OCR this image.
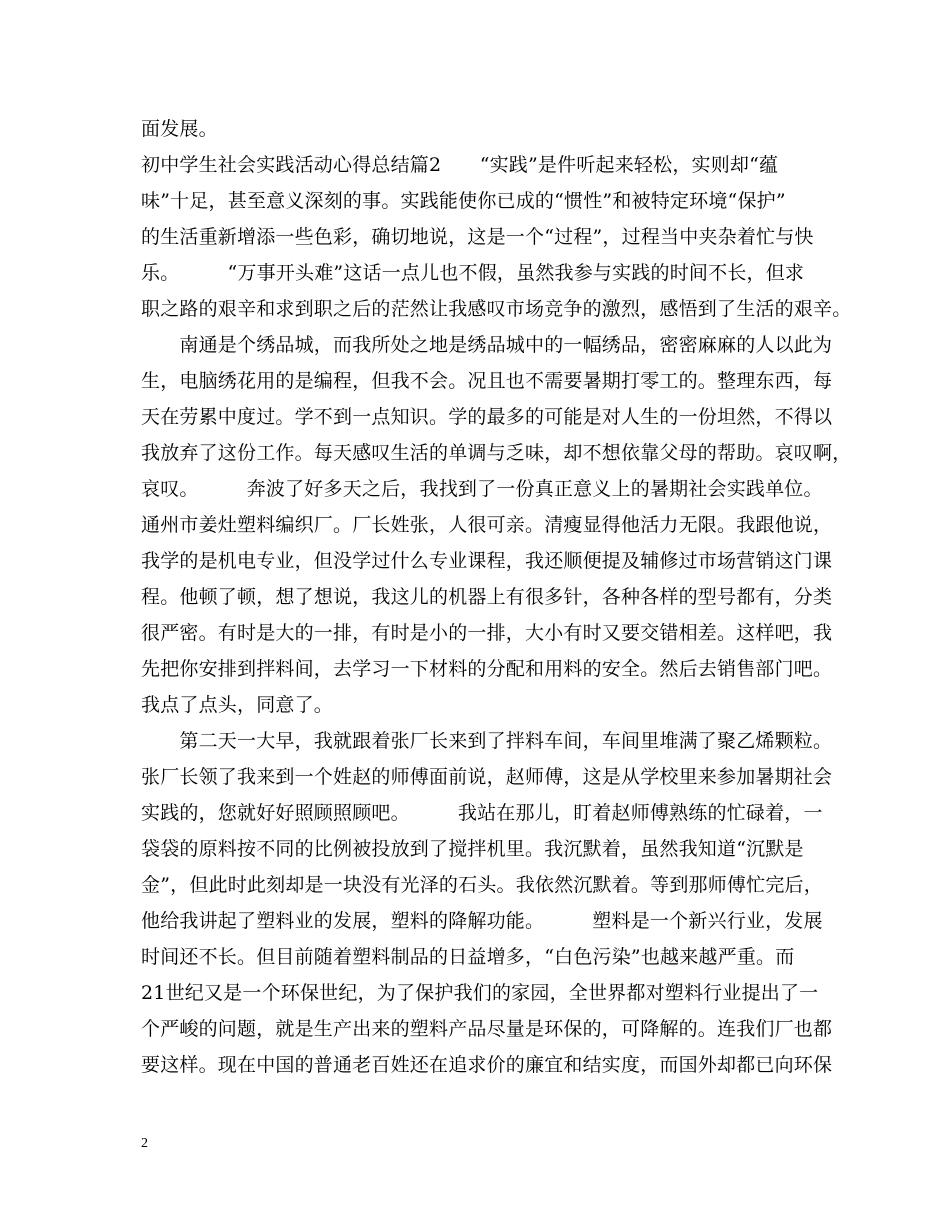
面发展。
初中学生社会实践活动心得总结篇2　　“实践”是件听起来轻松，实则却“蕴
味”十足，甚至意义深刻的事。实践能使你已成的“惯性”和被特定环境“保护”
的生活重新增添一些色彩，确切地说，这是一个“过程”，过程当中夹杂着忙与快
乐。　　　“万事开头难”这话一点儿也不假，虽然我参与实践的时间不长，但求
职之路的艰辛和求到职之后的茫然让我感叹市场竞争的激烈，感悟到了生活的艰辛。
　　南通是个绣品城，而我所处之地是绣品城中的一幅绣品，密密麻麻的人以此为
生，电脑绣花用的是编程，但我不会。况且也不需要暑期打零工的。整理东西，每
天在劳累中度过。学不到一点知识。学的最多的可能是对人生的一份坦然，不得以
我放弃了这份工作。每天感叹生活的单调与乏味，却不想依靠父母的帮助。哀叹啊，
哀叹。　　　奔波了好多天之后，我找到了一份真正意义上的暑期社会实践单位。
通州市姜灶塑料编织厂。厂长姓张，人很可亲。清瘦显得他活力无限。我跟他说，
我学的是机电专业，但没学过什么专业课程，我还顺便提及辅修过市场营销这门课
程。他顿了顿，想了想说，我这儿的机器上有很多针，各种各样的型号都有，分类
很严密。有时是大的一排，有时是小的一排，大小有时又要交错相差。这样吧，我
先把你安排到拌料间，去学习一下材料的分配和用料的安全。然后去销售部门吧。
我点了点头，同意了。
　　第二天一大早，我就跟着张厂长来到了拌料车间，车间里堆满了聚乙烯颗粒。
张厂长领了我来到一个姓赵的师傅面前说，赵师傅，这是从学校里来参加暑期社会
实践的，您就好好照顾照顾吧。　　　我站在那儿，盯着赵师傅熟练的忙碌着，一
袋袋的原料按不同的比例被投放到了搅拌机里。我沉默着，虽然我知道“沉默是
金”，但此时此刻却是一块没有光泽的石头。我依然沉默着。等到那师傅忙完后，
他给我讲起了塑料业的发展，塑料的降解功能。　　　塑料是一个新兴行业，发展
时间还不长。但目前随着塑料制品的日益增多，“白色污染”也越来越严重。而
21世纪又是一个环保世纪，为了保护我们的家园，全世界都对塑料行业提出了一
个严峻的问题，就是生产出来的塑料产品尽量是环保的，可降解的。连我们厂也都
要这样。现在中国的普通老百姓还在追求价的廉宜和结实度，而国外却都已向环保
2
